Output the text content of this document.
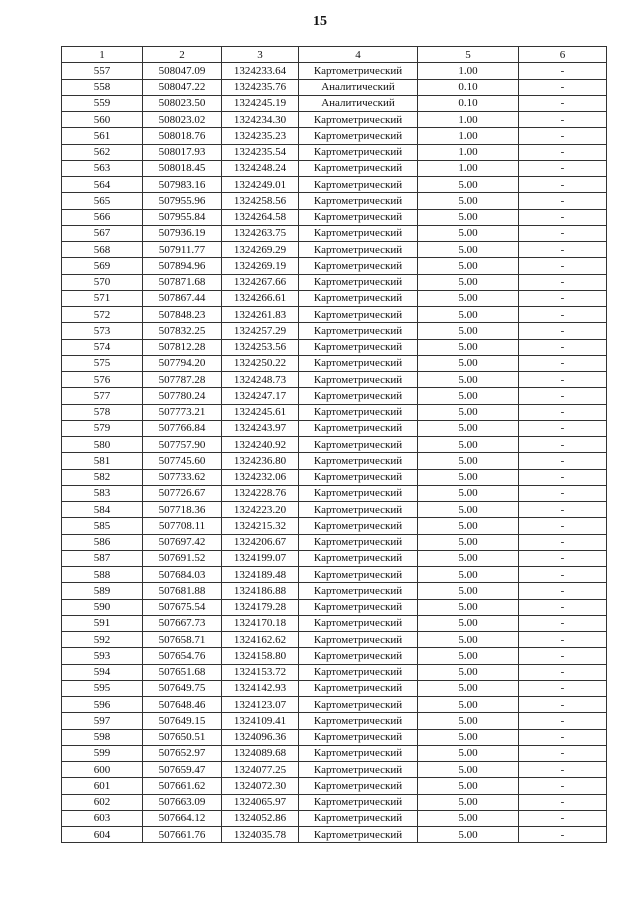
15
1	2	3	4	5	6
557	508047.09	1324233.64	Картометрический	1.00	-
558	508047.22	1324235.76	Аналитический	0.10	-
559	508023.50	1324245.19	Аналитический	0.10	-
560	508023.02	1324234.30	Картометрический	1.00	-
561	508018.76	1324235.23	Картометрический	1.00	-
562	508017.93	1324235.54	Картометрический	1.00	-
563	508018.45	1324248.24	Картометрический	1.00	-
564	507983.16	1324249.01	Картометрический	5.00	-
565	507955.96	1324258.56	Картометрический	5.00	-
566	507955.84	1324264.58	Картометрический	5.00	-
567	507936.19	1324263.75	Картометрический	5.00	-
568	507911.77	1324269.29	Картометрический	5.00	-
569	507894.96	1324269.19	Картометрический	5.00	-
570	507871.68	1324267.66	Картометрический	5.00	-
571	507867.44	1324266.61	Картометрический	5.00	-
572	507848.23	1324261.83	Картометрический	5.00	-
573	507832.25	1324257.29	Картометрический	5.00	-
574	507812.28	1324253.56	Картометрический	5.00	-
575	507794.20	1324250.22	Картометрический	5.00	-
576	507787.28	1324248.73	Картометрический	5.00	-
577	507780.24	1324247.17	Картометрический	5.00	-
578	507773.21	1324245.61	Картометрический	5.00	-
579	507766.84	1324243.97	Картометрический	5.00	-
580	507757.90	1324240.92	Картометрический	5.00	-
581	507745.60	1324236.80	Картометрический	5.00	-
582	507733.62	1324232.06	Картометрический	5.00	-
583	507726.67	1324228.76	Картометрический	5.00	-
584	507718.36	1324223.20	Картометрический	5.00	-
585	507708.11	1324215.32	Картометрический	5.00	-
586	507697.42	1324206.67	Картометрический	5.00	-
587	507691.52	1324199.07	Картометрический	5.00	-
588	507684.03	1324189.48	Картометрический	5.00	-
589	507681.88	1324186.88	Картометрический	5.00	-
590	507675.54	1324179.28	Картометрический	5.00	-
591	507667.73	1324170.18	Картометрический	5.00	-
592	507658.71	1324162.62	Картометрический	5.00	-
593	507654.76	1324158.80	Картометрический	5.00	-
594	507651.68	1324153.72	Картометрический	5.00	-
595	507649.75	1324142.93	Картометрический	5.00	-
596	507648.46	1324123.07	Картометрический	5.00	-
597	507649.15	1324109.41	Картометрический	5.00	-
598	507650.51	1324096.36	Картометрический	5.00	-
599	507652.97	1324089.68	Картометрический	5.00	-
600	507659.47	1324077.25	Картометрический	5.00	-
601	507661.62	1324072.30	Картометрический	5.00	-
602	507663.09	1324065.97	Картометрический	5.00	-
603	507664.12	1324052.86	Картометрический	5.00	-
604	507661.76	1324035.78	Картометрический	5.00	-
